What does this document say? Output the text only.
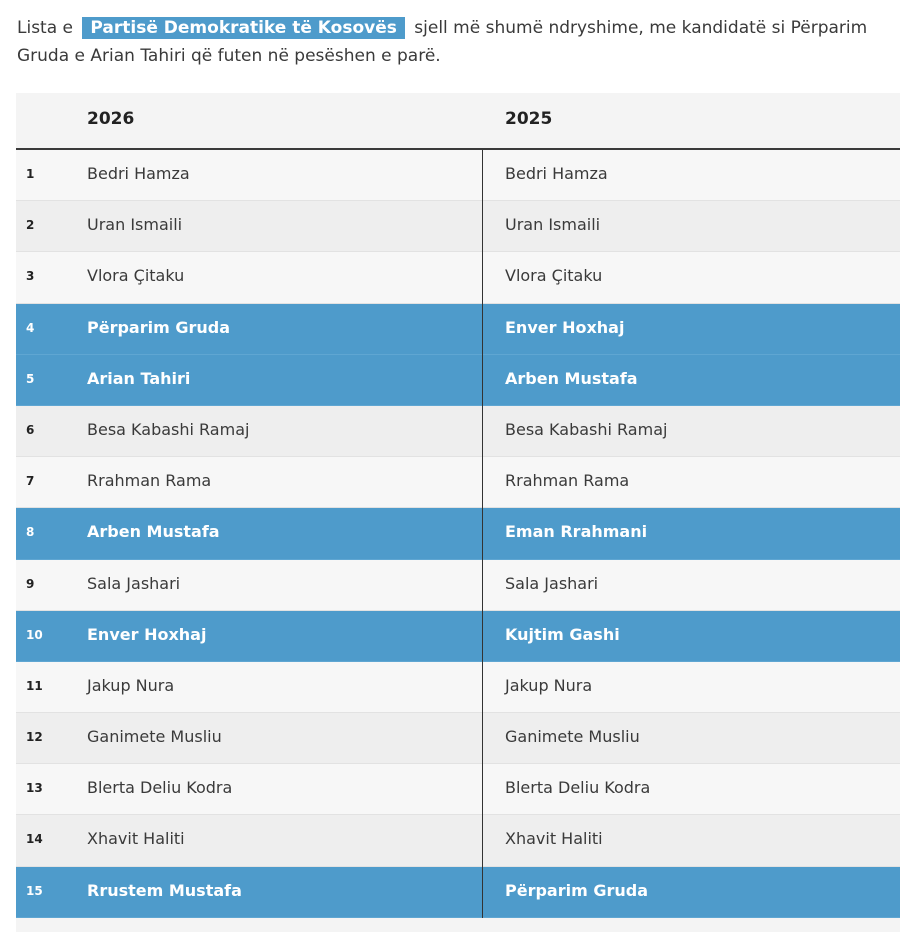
Lista e Partisë Demokratike të Kosovës sjell më shumë ndryshime, me kandidatë si Përparim Gruda e Arian Tahiri që futen në pesëshen e parë.
2026	2025
1	Bedri Hamza	Bedri Hamza
2	Uran Ismaili	Uran Ismaili
3	Vlora Çitaku	Vlora Çitaku
4	Përparim Gruda	Enver Hoxhaj
5	Arian Tahiri	Arben Mustafa
6	Besa Kabashi Ramaj	Besa Kabashi Ramaj
7	Rrahman Rama	Rrahman Rama
8	Arben Mustafa	Eman Rrahmani
9	Sala Jashari	Sala Jashari
10	Enver Hoxhaj	Kujtim Gashi
11	Jakup Nura	Jakup Nura
12	Ganimete Musliu	Ganimete Musliu
13	Blerta Deliu Kodra	Blerta Deliu Kodra
14	Xhavit Haliti	Xhavit Haliti
15	Rrustem Mustafa	Përparim Gruda
